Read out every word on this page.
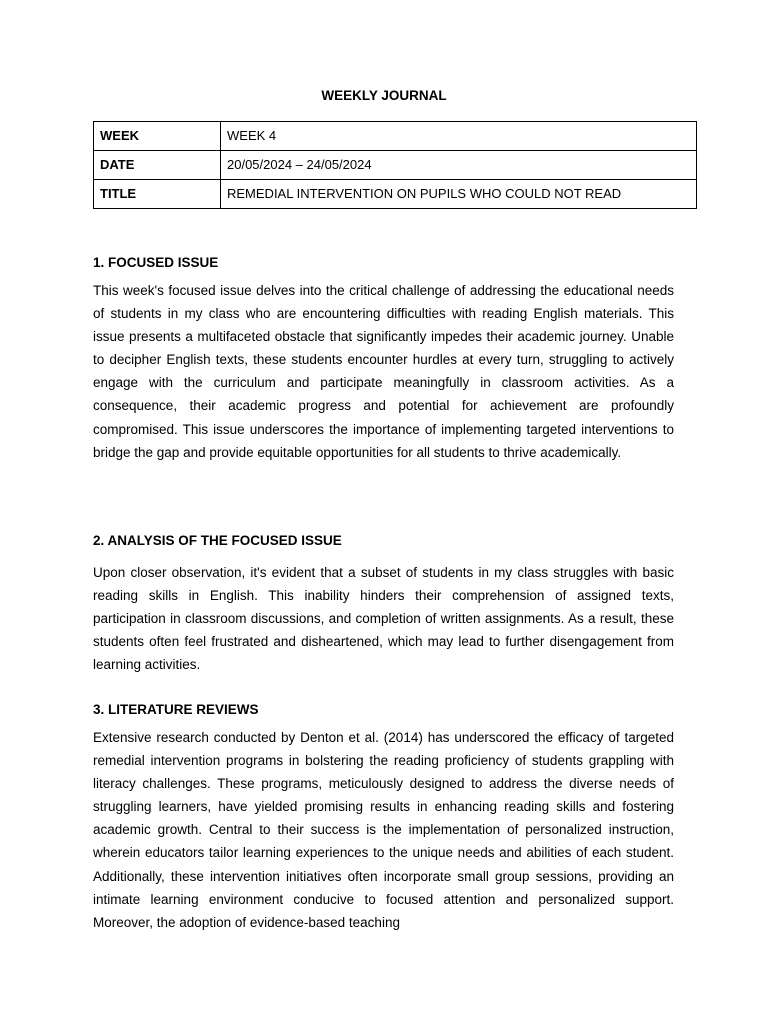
WEEKLY JOURNAL
WEEK	WEEK 4
DATE	20/05/2024 – 24/05/2024
TITLE	REMEDIAL INTERVENTION ON PUPILS WHO COULD NOT READ
1. FOCUSED ISSUE

This week's focused issue delves into the critical challenge of addressing the educational needs of students in my class who are encountering difficulties with reading English materials. This issue presents a multifaceted obstacle that significantly impedes their academic journey. Unable to decipher English texts, these students encounter hurdles at every turn, struggling to actively engage with the curriculum and participate meaningfully in classroom activities. As a consequence, their academic progress and potential for achievement are profoundly compromised. This issue underscores the importance of implementing targeted interventions to bridge the gap and provide equitable opportunities for all students to thrive academically.

2. ANALYSIS OF THE FOCUSED ISSUE

Upon closer observation, it's evident that a subset of students in my class struggles with basic reading skills in English. This inability hinders their comprehension of assigned texts, participation in classroom discussions, and completion of written assignments. As a result, these students often feel frustrated and disheartened, which may lead to further disengagement from learning activities.

3. LITERATURE REVIEWS

Extensive research conducted by Denton et al. (2014) has underscored the efficacy of targeted remedial intervention programs in bolstering the reading proficiency of students grappling with literacy challenges. These programs, meticulously designed to address the diverse needs of struggling learners, have yielded promising results in enhancing reading skills and fostering academic growth. Central to their success is the implementation of personalized instruction, wherein educators tailor learning experiences to the unique needs and abilities of each student. Additionally, these intervention initiatives often incorporate small group sessions, providing an intimate learning environment conducive to focused attention and personalized support. Moreover, the adoption of evidence-based teaching
